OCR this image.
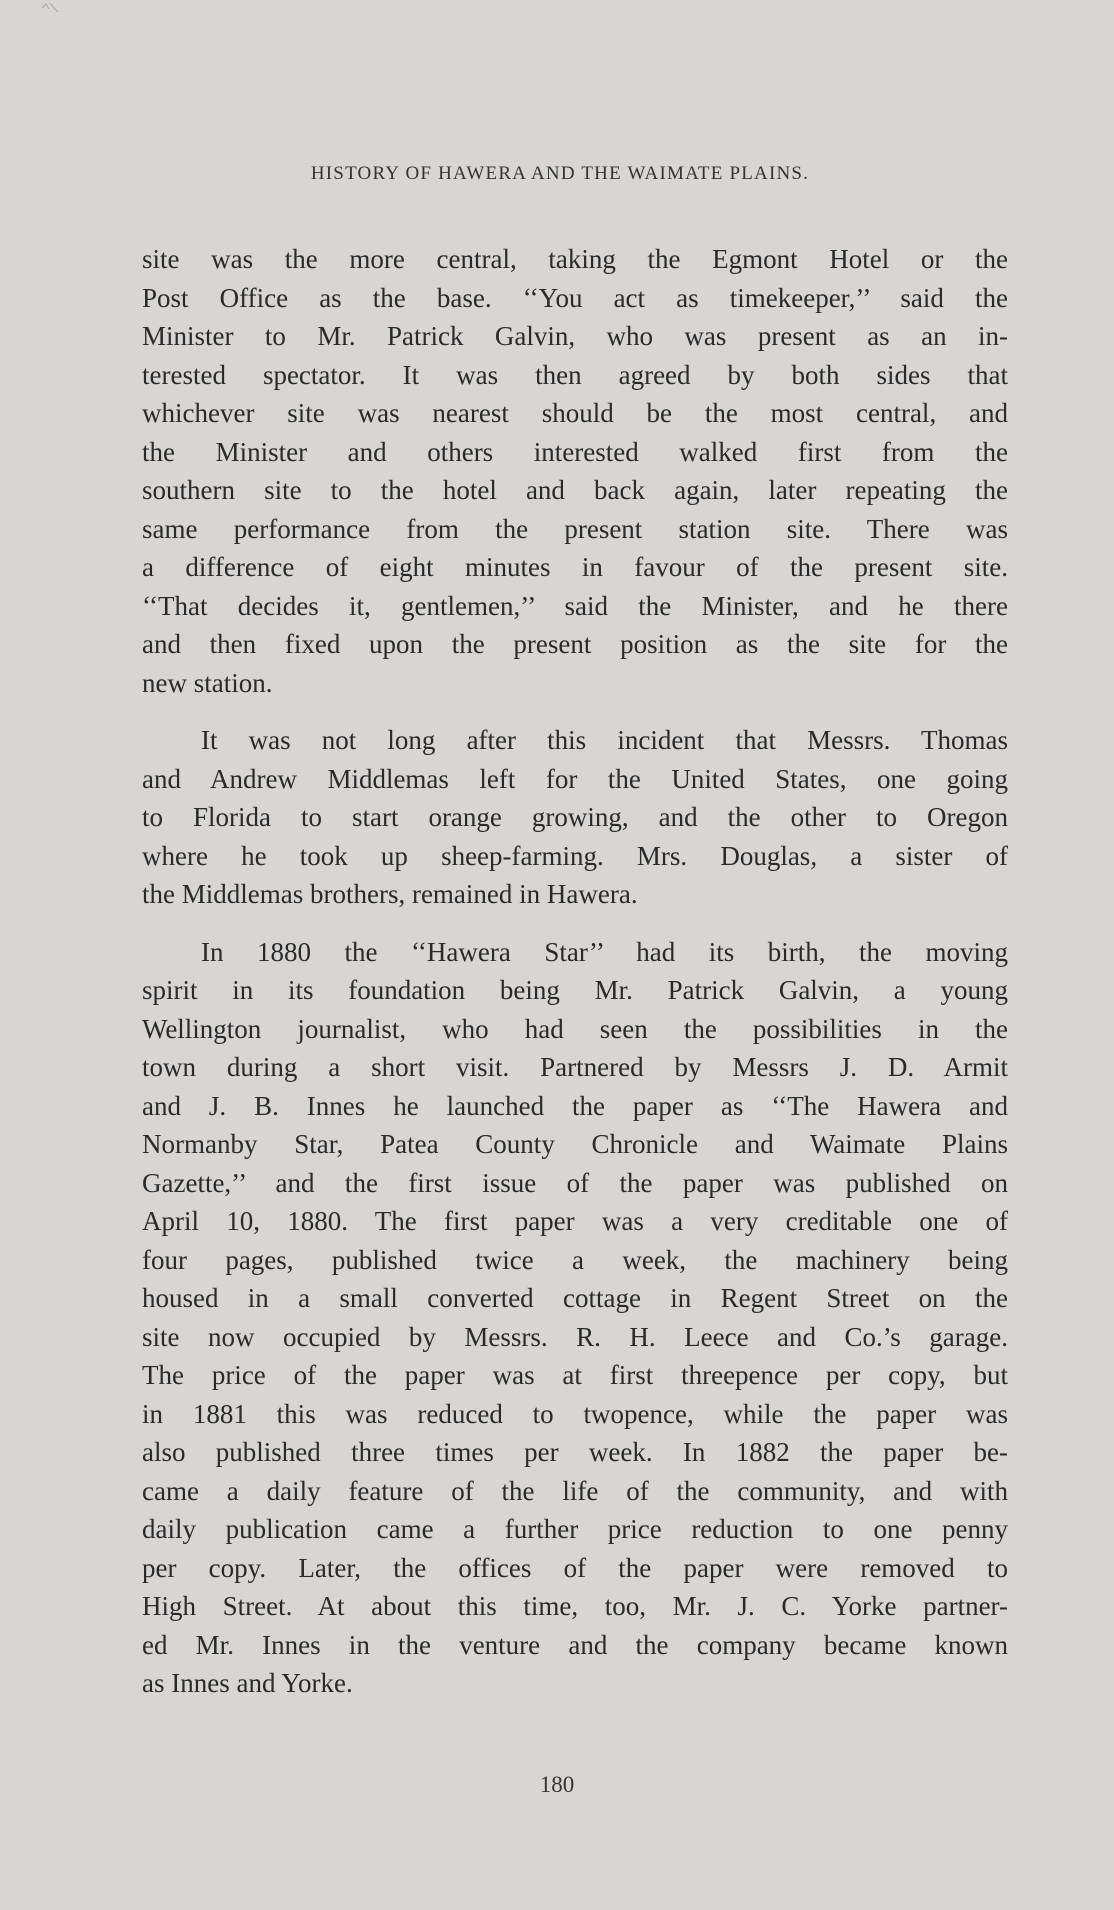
HISTORY OF HAWERA AND THE WAIMATE PLAINS.
site was the more central, taking the Egmont Hotel or the
Post Office as the base. ‘‘You act as timekeeper,’’ said the
Minister to Mr. Patrick Galvin, who was present as an in-
terested spectator. It was then agreed by both sides that
whichever site was nearest should be the most central, and
the Minister and others interested walked first from the
southern site to the hotel and back again, later repeating the
same performance from the present station site. There was
a difference of eight minutes in favour of the present site.
‘‘That decides it, gentlemen,’’ said the Minister, and he there
and then fixed upon the present position as the site for the
new station.
It was not long after this incident that Messrs. Thomas
and Andrew Middlemas left for the United States, one going
to Florida to start orange growing, and the other to Oregon
where he took up sheep-farming. Mrs. Douglas, a sister of
the Middlemas brothers, remained in Hawera.
In 1880 the ‘‘Hawera Star’’ had its birth, the moving
spirit in its foundation being Mr. Patrick Galvin, a young
Wellington journalist, who had seen the possibilities in the
town during a short visit. Partnered by Messrs J. D. Armit
and J. B. Innes he launched the paper as ‘‘The Hawera and
Normanby Star, Patea County Chronicle and Waimate Plains
Gazette,’’ and the first issue of the paper was published on
April 10, 1880. The first paper was a very creditable one of
four pages, published twice a week, the machinery being
housed in a small converted cottage in Regent Street on the
site now occupied by Messrs. R. H. Leece and Co.’s garage.
The price of the paper was at first threepence per copy, but
in 1881 this was reduced to twopence, while the paper was
also published three times per week. In 1882 the paper be-
came a daily feature of the life of the community, and with
daily publication came a further price reduction to one penny
per copy. Later, the offices of the paper were removed to
High Street. At about this time, too, Mr. J. C. Yorke partner-
ed Mr. Innes in the venture and the company became known
as Innes and Yorke.
180
